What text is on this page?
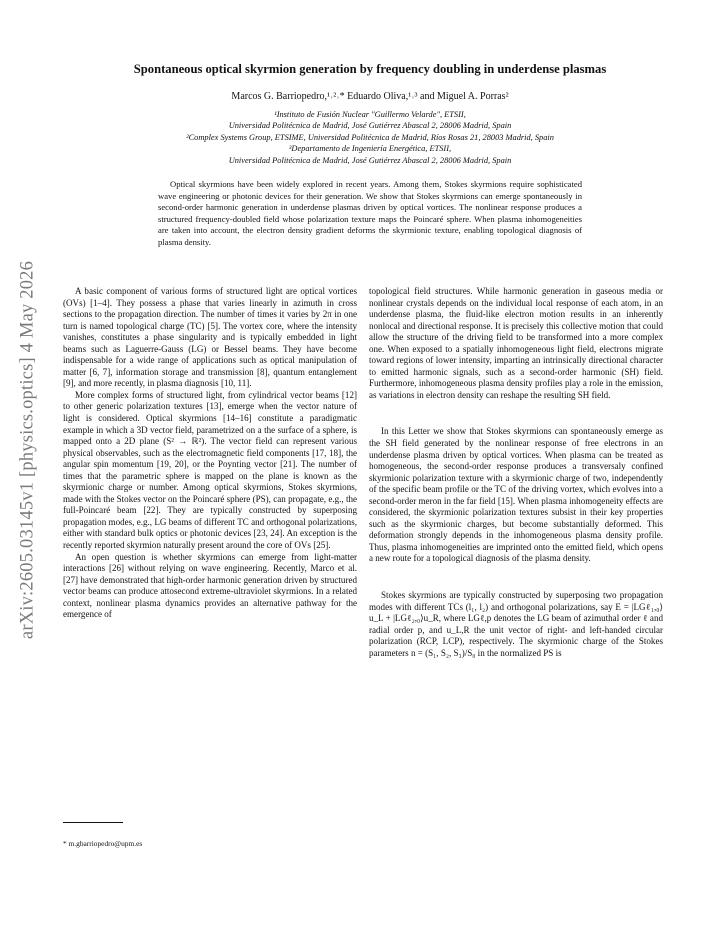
arXiv:2605.03145v1 [physics.optics] 4 May 2026
Spontaneous optical skyrmion generation by frequency doubling in underdense plasmas
Marcos G. Barriopedro,¹˒²˒* Eduardo Oliva,¹˒³ and Miguel A. Porras²
¹Instituto de Fusión Nuclear "Guillermo Velarde", ETSII,
Universidad Politécnica de Madrid, José Gutiérrez Abascal 2, 28006 Madrid, Spain
²Complex Systems Group, ETSIME, Universidad Politécnica de Madrid, Ríos Rosas 21, 28003 Madrid, Spain
³Departamento de Ingeniería Energética, ETSII,
Universidad Politécnica de Madrid, José Gutiérrez Abascal 2, 28006 Madrid, Spain
Optical skyrmions have been widely explored in recent years. Among them, Stokes skyrmions require sophisticated wave engineering or photonic devices for their generation. We show that Stokes skyrmions can emerge spontaneously in second-order harmonic generation in underdense plasmas driven by optical vortices. The nonlinear response produces a structured frequency-doubled field whose polarization texture maps the Poincaré sphere. When plasma inhomogeneities are taken into account, the electron density gradient deforms the skyrmionic texture, enabling topological diagnosis of plasma density.

A basic component of various forms of structured light are optical vortices (OVs) [1–4]. They possess a phase that varies linearly in azimuth in cross sections to the propagation direction. The number of times it varies by 2π in one turn is named topological charge (TC) [5]. The vortex core, where the intensity vanishes, constitutes a phase singularity and is typically embedded in light beams such as Laguerre-Gauss (LG) or Bessel beams. They have become indispensable for a wide range of applications such as optical manipulation of matter [6, 7], information storage and transmission [8], quantum entanglement [9], and more recently, in plasma diagnosis [10, 11].

More complex forms of structured light, from cylindrical vector beams [12] to other generic polarization textures [13], emerge when the vector nature of light is considered. Optical skyrmions [14–16] constitute a paradigmatic example in which a 3D vector field, parametrized on a the surface of a sphere, is mapped onto a 2D plane (S² → ℝ²). The vector field can represent various physical observables, such as the electromagnetic field components [17, 18], the angular spin momentum [19, 20], or the Poynting vector [21]. The number of times that the parametric sphere is mapped on the plane is known as the skyrmionic charge or number. Among optical skyrmions, Stokes skyrmions, made with the Stokes vector on the Poincaré sphere (PS), can propagate, e.g., the full-Poincaré beam [22]. They are typically constructed by superposing propagation modes, e.g., LG beams of different TC and orthogonal polarizations, either with standard bulk optics or photonic devices [23, 24]. An exception is the recently reported skyrmion naturally present around the core of OVs [25].

An open question is whether skyrmions can emerge from light-matter interactions [26] without relying on wave engineering. Recently, Marco et al. [27] have demonstrated that high-order harmonic generation driven by structured vector beams can produce attosecond extreme-ultraviolet skyrmions. In a related context, nonlinear plasma dynamics provides an alternative pathway for the emergence of

topological field structures. While harmonic generation in gaseous media or nonlinear crystals depends on the individual local response of each atom, in an underdense plasma, the fluid-like electron motion results in an inherently nonlocal and directional response. It is precisely this collective motion that could allow the structure of the driving field to be transformed into a more complex one. When exposed to a spatially inhomogeneous light field, electrons migrate toward regions of lower intensity, imparting an intrinsically directional character to emitted harmonic signals, such as a second-order harmonic (SH) field. Furthermore, inhomogeneous plasma density profiles play a role in the emission, as variations in electron density can reshape the resulting SH field.

In this Letter we show that Stokes skyrmions can spontaneously emerge as the SH field generated by the nonlinear response of free electrons in an underdense plasma driven by optical vortices. When plasma can be treated as homogeneous, the second-order response produces a transversaly confined skyrmionic polarization texture with a skyrmionic charge of two, independently of the specific beam profile or the TC of the driving vortex, which evolves into a second-order meron in the far field [15]. When plasma inhomogeneity effects are considered, the skyrmionic polarization textures subsist in their key properties such as the skyrmionic charges, but become substantially deformed. This deformation strongly depends in the inhomogeneous plasma density profile. Thus, plasma inhomogeneities are imprinted onto the emitted field, which opens a new route for a topological diagnosis of the plasma density.

Stokes skyrmions are typically constructed by superposing two propagation modes with different TCs (l₁, l₂) and orthogonal polarizations, say E = |LGℓ₁,₀⟩u_L + |LGℓ₂,₀⟩u_R, where LGℓ,p denotes the LG beam of azimuthal order ℓ and radial order p, and u_L,R the unit vector of right- and left-handed circular polarization (RCP, LCP), respectively. The skyrmionic charge of the Stokes parameters n = (S₁, S₂, S₃)/S₀ in the normalized PS is

* m.gbarriopedro@upm.es
